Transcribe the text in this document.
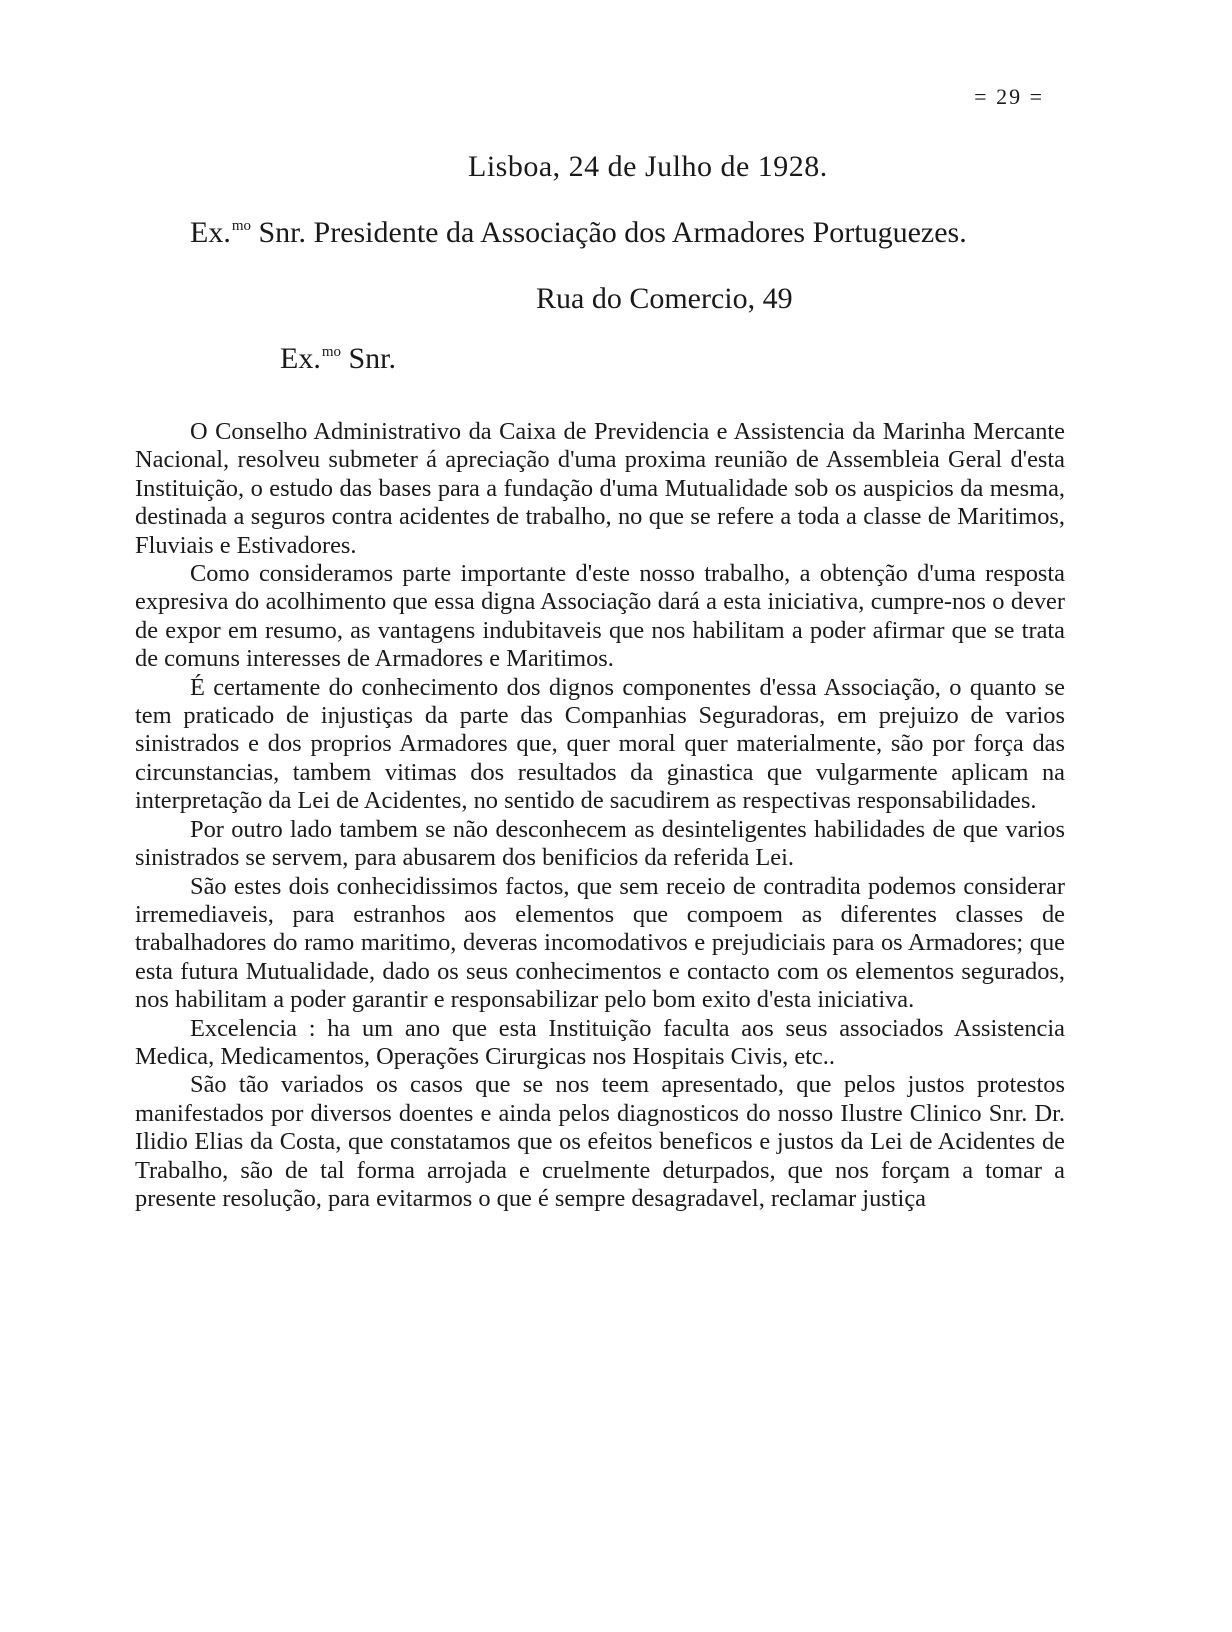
= 29 =
Lisboa, 24 de Julho de 1928.
Ex.$^{mo}$ Snr. Presidente da Associação dos Armadores Portuguezes.
Rua do Comercio, 49
Ex.$^{mo}$ Snr.

O Conselho Administrativo da Caixa de Previdencia e Assistencia da Marinha Mercante Nacional, resolveu submeter á apreciação d'uma proxima reunião de Assembleia Geral d'esta Instituição, o estudo das bases para a fundação d'uma Mutualidade sob os auspicios da mesma, destinada a seguros contra acidentes de trabalho, no que se refere a toda a classe de Maritimos, Fluviais e Estivadores.

Como consideramos parte importante d'este nosso trabalho, a obtenção d'uma resposta expresiva do acolhimento que essa digna Associação dará a esta iniciativa, cumpre-nos o dever de expor em resumo, as vantagens indubitaveis que nos habilitam a poder afirmar que se trata de comuns interesses de Armadores e Maritimos.

É certamente do conhecimento dos dignos componentes d'essa Associação, o quanto se tem praticado de injustiças da parte das Companhias Seguradoras, em prejuizo de varios sinistrados e dos proprios Armadores que, quer moral quer materialmente, são por força das circunstancias, tambem vitimas dos resultados da ginastica que vulgarmente aplicam na interpretação da Lei de Acidentes, no sentido de sacudirem as respectivas responsabilidades.

Por outro lado tambem se não desconhecem as desinteligentes habilidades de que varios sinistrados se servem, para abusarem dos benificios da referida Lei.

São estes dois conhecidissimos factos, que sem receio de contradita podemos considerar irremediaveis, para estranhos aos elementos que compoem as diferentes classes de trabalhadores do ramo maritimo, deveras incomodativos e prejudiciais para os Armadores; que esta futura Mutualidade, dado os seus conhecimentos e contacto com os elementos segurados, nos habilitam a poder garantir e responsabilizar pelo bom exito d'esta iniciativa.

Excelencia : ha um ano que esta Instituição faculta aos seus associados Assistencia Medica, Medicamentos, Operações Cirurgicas nos Hospitais Civis, etc..

São tão variados os casos que se nos teem apresentado, que pelos justos protestos manifestados por diversos doentes e ainda pelos diagnosticos do nosso Ilustre Clinico Snr. Dr. Ilidio Elias da Costa, que constatamos que os efeitos beneficos e justos da Lei de Acidentes de Trabalho, são de tal forma arrojada e cruelmente deturpados, que nos forçam a tomar a presente resolução, para evitarmos o que é sempre desagradavel, reclamar justiça
